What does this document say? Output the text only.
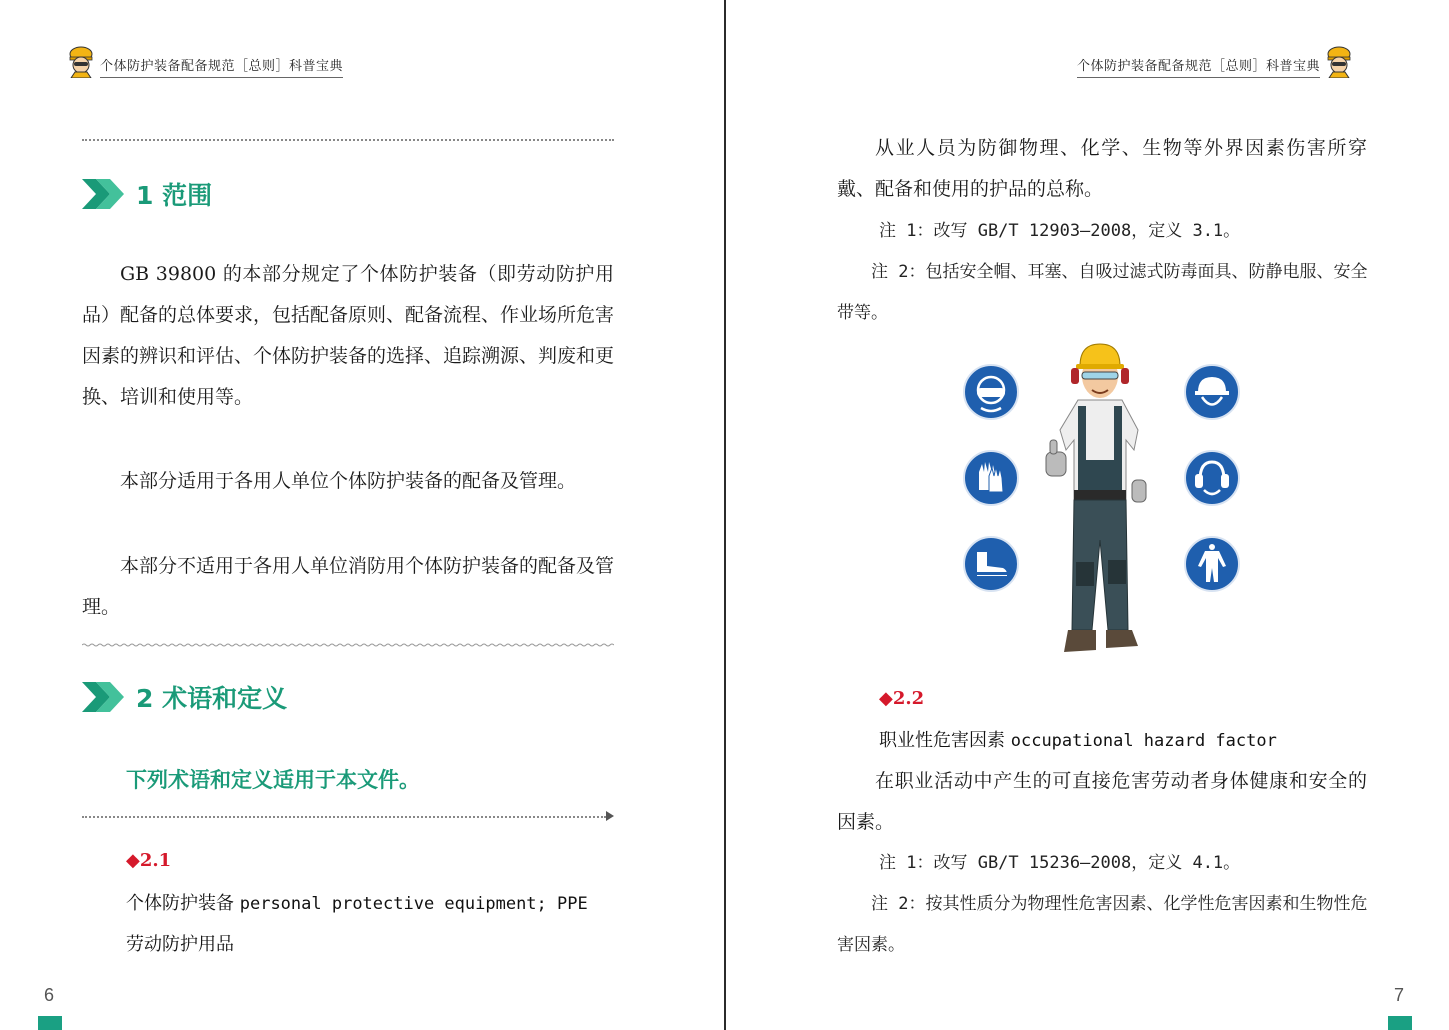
个体防护装备配备规范［总则］科普宝典
1 范围
GB 39800 的本部分规定了个体防护装备（即劳动防护用品）配备的总体要求，包括配备原则、配备流程、作业场所危害因素的辨识和评估、个体防护装备的选择、追踪溯源、判废和更换、培训和使用等。
本部分适用于各用人单位个体防护装备的配备及管理。
本部分不适用于各用人单位消防用个体防护装备的配备及管理。
2 术语和定义
下列术语和定义适用于本文件。
◆2.1
个体防护装备 personal protective equipment; PPE
劳动防护用品
6
个体防护装备配备规范［总则］科普宝典
从业人员为防御物理、化学、生物等外界因素伤害所穿戴、配备和使用的护品的总称。
注 1：改写 GB/T 12903—2008，定义 3.1。
注 2：包括安全帽、耳塞、自吸过滤式防毒面具、防静电服、安全带等。
◆2.2
职业性危害因素 occupational hazard factor
在职业活动中产生的可直接危害劳动者身体健康和安全的因素。
注 1：改写 GB/T 15236—2008，定义 4.1。
注 2：按其性质分为物理性危害因素、化学性危害因素和生物性危害因素。
7
